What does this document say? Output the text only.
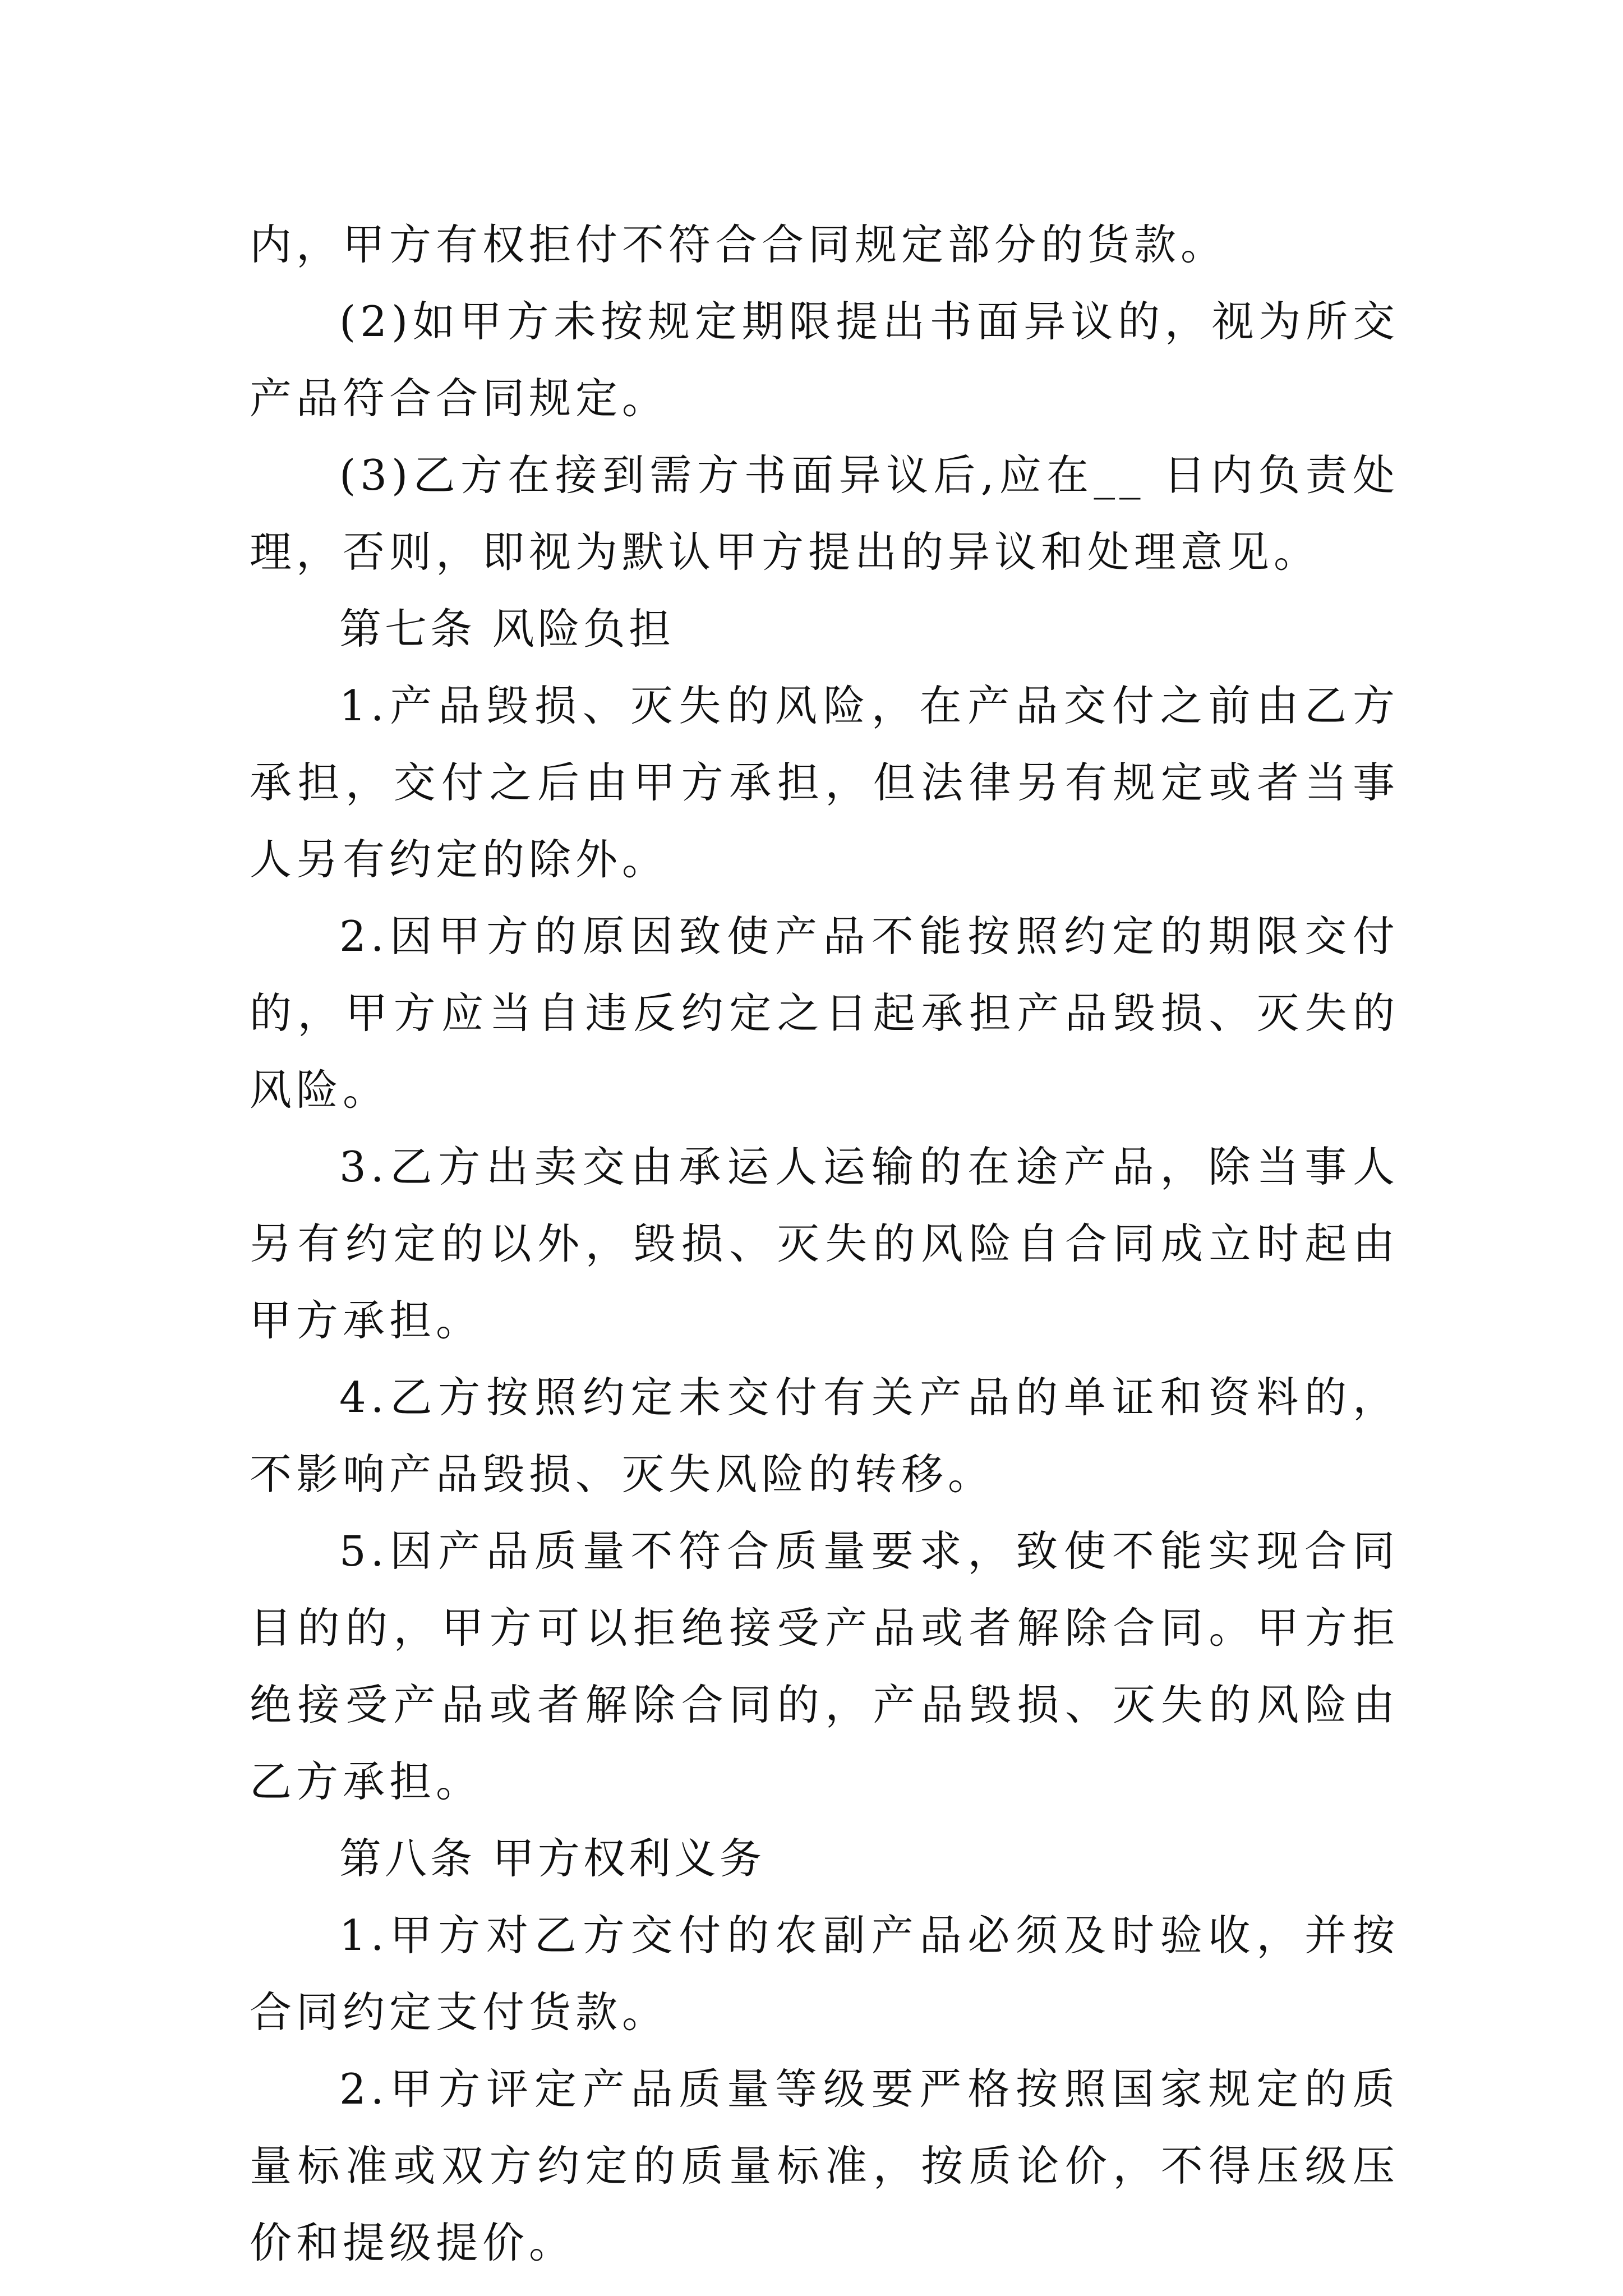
内，甲方有权拒付不符合合同规定部分的货款。

(2)如甲方未按规定期限提出书面异议的，视为所交产品符合合同规定。

(3)乙方在接到需方书面异议后,应在__ 日内负责处理，否则，即视为默认甲方提出的异议和处理意见。

第七条 风险负担

1.产品毁损、灭失的风险，在产品交付之前由乙方承担，交付之后由甲方承担，但法律另有规定或者当事人另有约定的除外。

2.因甲方的原因致使产品不能按照约定的期限交付的，甲方应当自违反约定之日起承担产品毁损、灭失的风险。

3.乙方出卖交由承运人运输的在途产品，除当事人另有约定的以外，毁损、灭失的风险自合同成立时起由甲方承担。

4.乙方按照约定未交付有关产品的单证和资料的，不影响产品毁损、灭失风险的转移。

5.因产品质量不符合质量要求，致使不能实现合同目的的，甲方可以拒绝接受产品或者解除合同。甲方拒绝接受产品或者解除合同的，产品毁损、灭失的风险由乙方承担。

第八条 甲方权利义务

1.甲方对乙方交付的农副产品必须及时验收，并按合同约定支付货款。

2.甲方评定产品质量等级要严格按照国家规定的质量标准或双方约定的质量标准，按质论价，不得压级压价和提级提价。
